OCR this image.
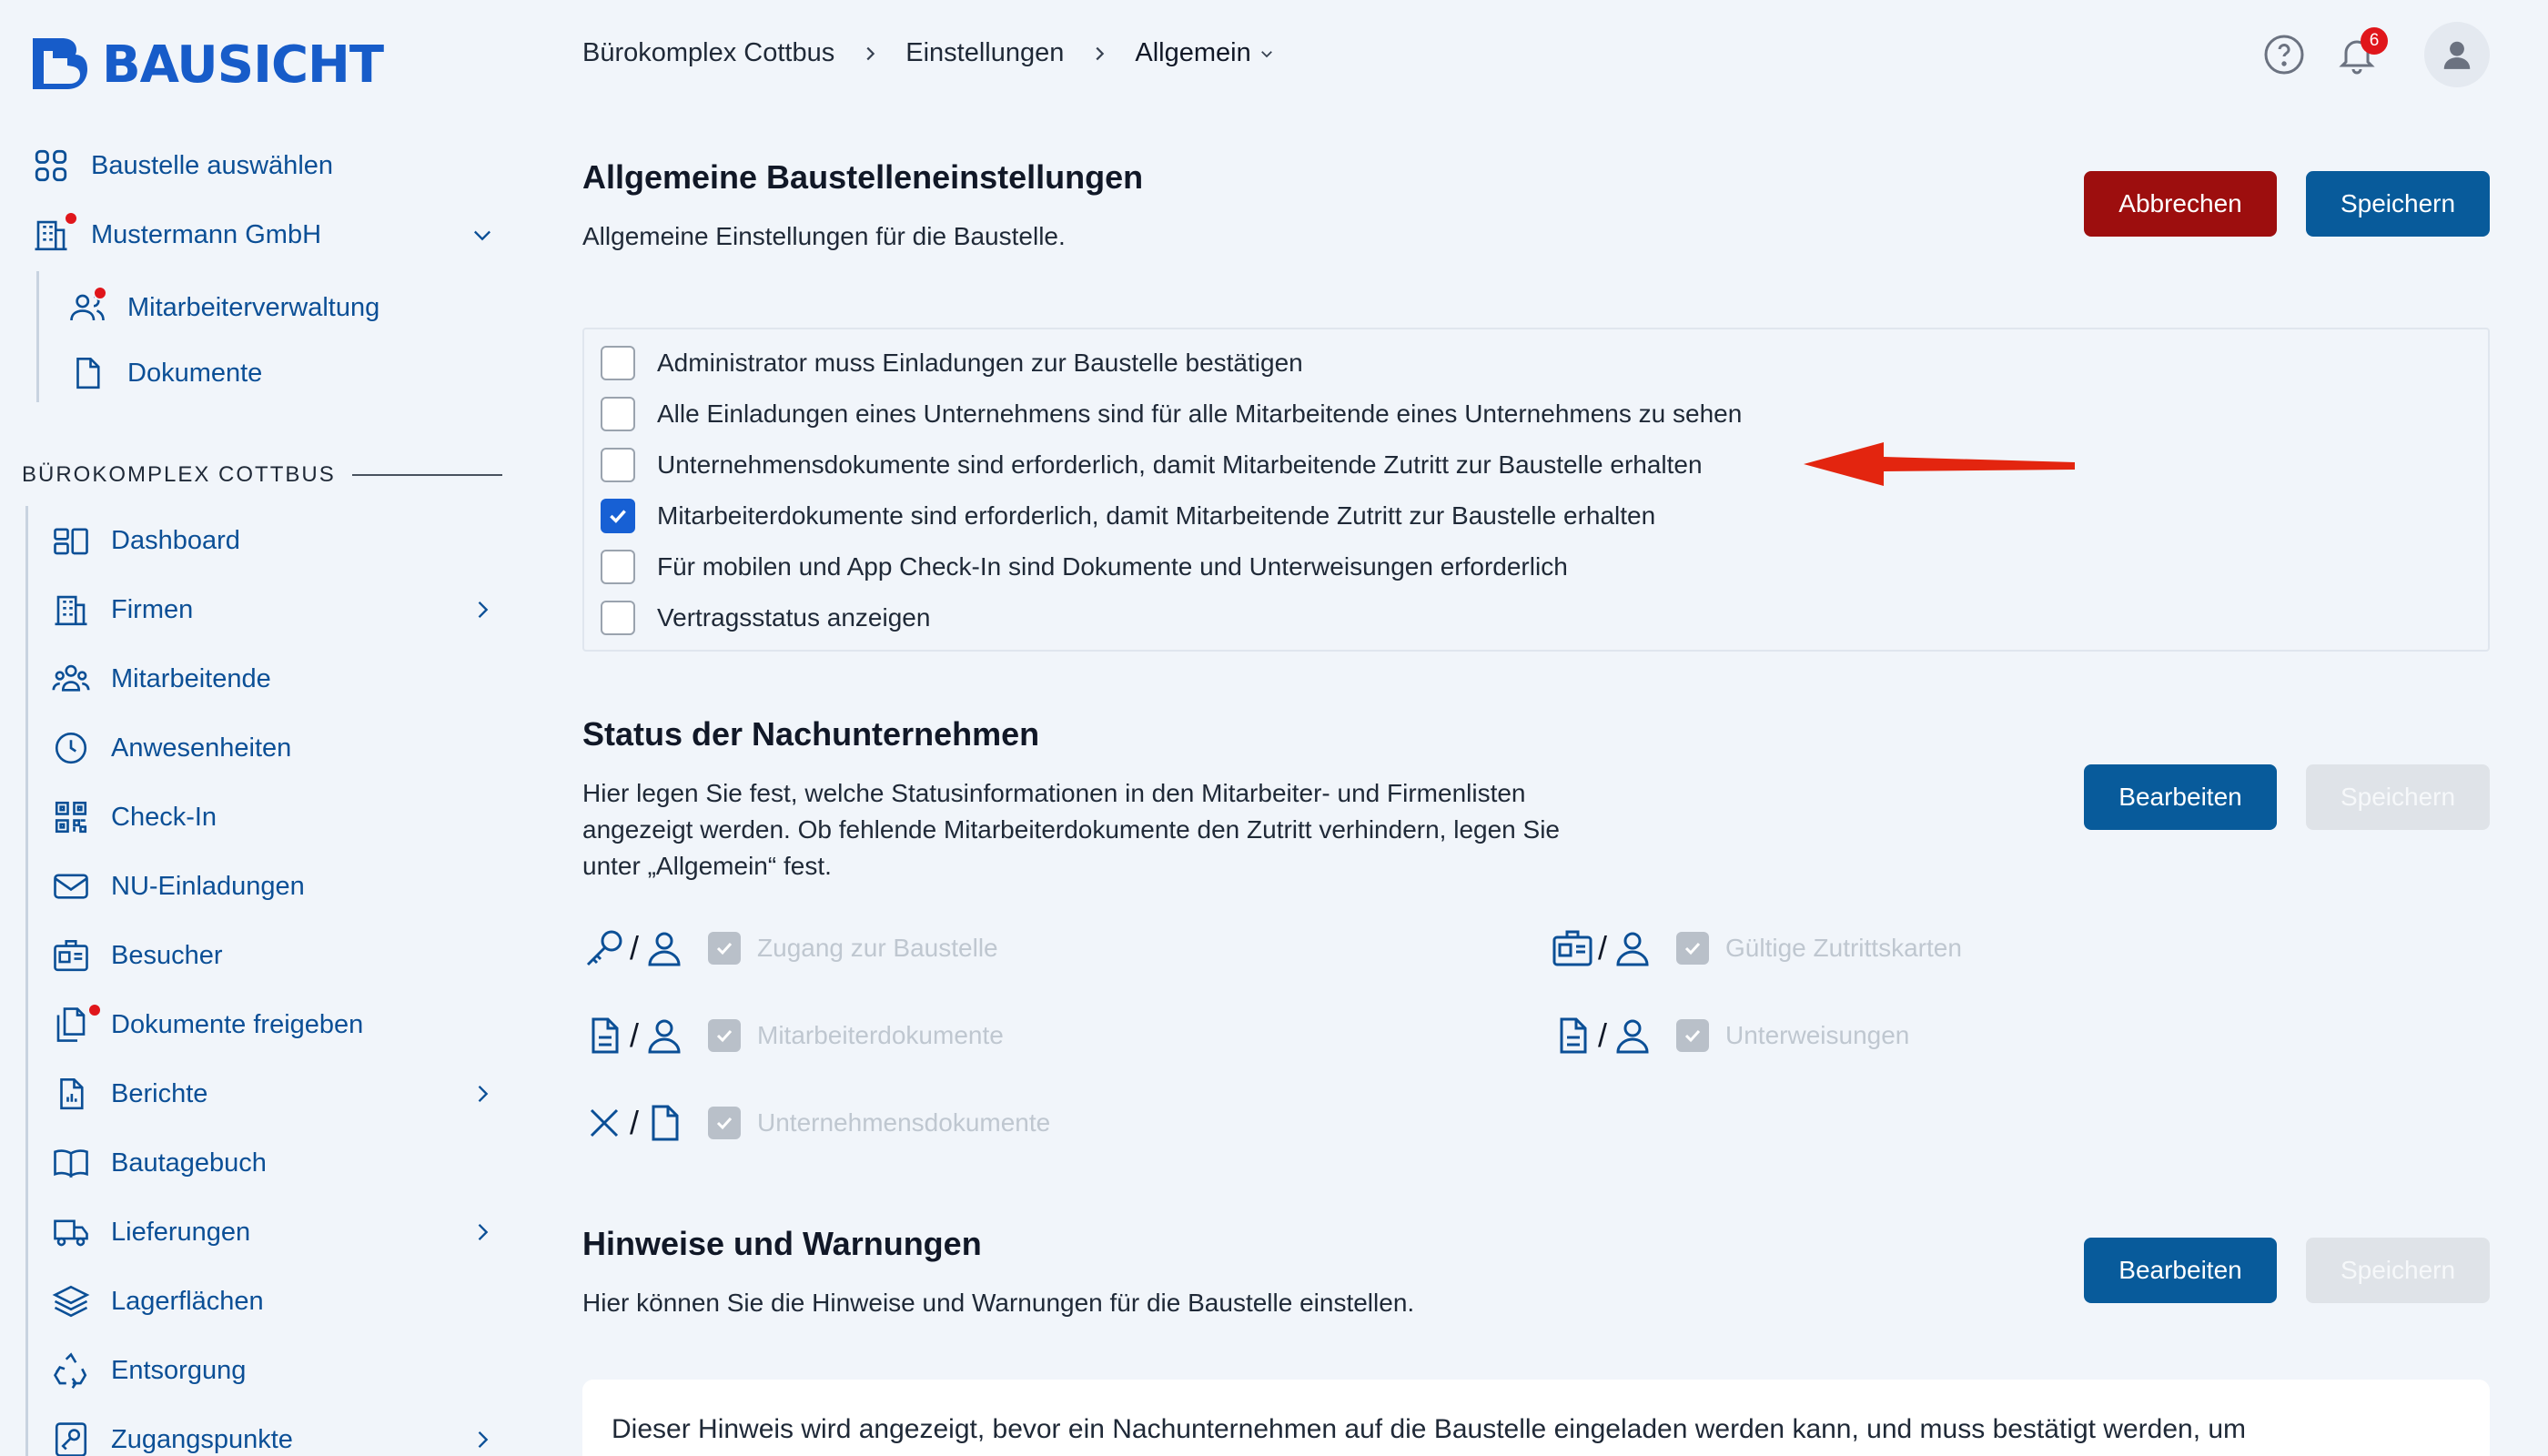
BAUSICHT
Baustelle auswählen
Mustermann GmbH
Mitarbeiterverwaltung
Dokumente
BÜROKOMPLEX COTTBUS
Dashboard
Firmen
Mitarbeitende
Anwesenheiten
Check-In
NU-Einladungen
Besucher
Dokumente freigeben
Berichte
Bautagebuch
Lieferungen
Lagerflächen
Entsorgung
Zugangspunkte
Bürokomplex Cottbus	Einstellungen	Allgemein	6
Allgemeine Baustelleneinstellungen

Allgemeine Einstellungen für die Baustelle.

Abbrechen	Speichern
Administrator muss Einladungen zur Baustelle bestätigen
Alle Einladungen eines Unternehmens sind für alle Mitarbeitende eines Unternehmens zu sehen
Unternehmensdokumente sind erforderlich, damit Mitarbeitende Zutritt zur Baustelle erhalten
Mitarbeiterdokumente sind erforderlich, damit Mitarbeitende Zutritt zur Baustelle erhalten
Für mobilen und App Check-In sind Dokumente und Unterweisungen erforderlich
Vertragsstatus anzeigen
Status der Nachunternehmen
Hier legen Sie fest, welche Statusinformationen in den Mitarbeiter- und Firmenlisten
angezeigt werden. Ob fehlende Mitarbeiterdokumente den Zutritt verhindern, legen Sie
unter „Allgemein“ fest.
Bearbeiten	Speichern
/	Zugang zur Baustelle	/	Gültige Zutrittskarten
/	Mitarbeiterdokumente	/	Unterweisungen
/	Unternehmensdokumente
Hinweise und Warnungen

Hier können Sie die Hinweise und Warnungen für die Baustelle einstellen.

Bearbeiten	Speichern
Dieser Hinweis wird angezeigt, bevor ein Nachunternehmen auf die Baustelle eingeladen werden kann, und muss bestätigt werden, um
